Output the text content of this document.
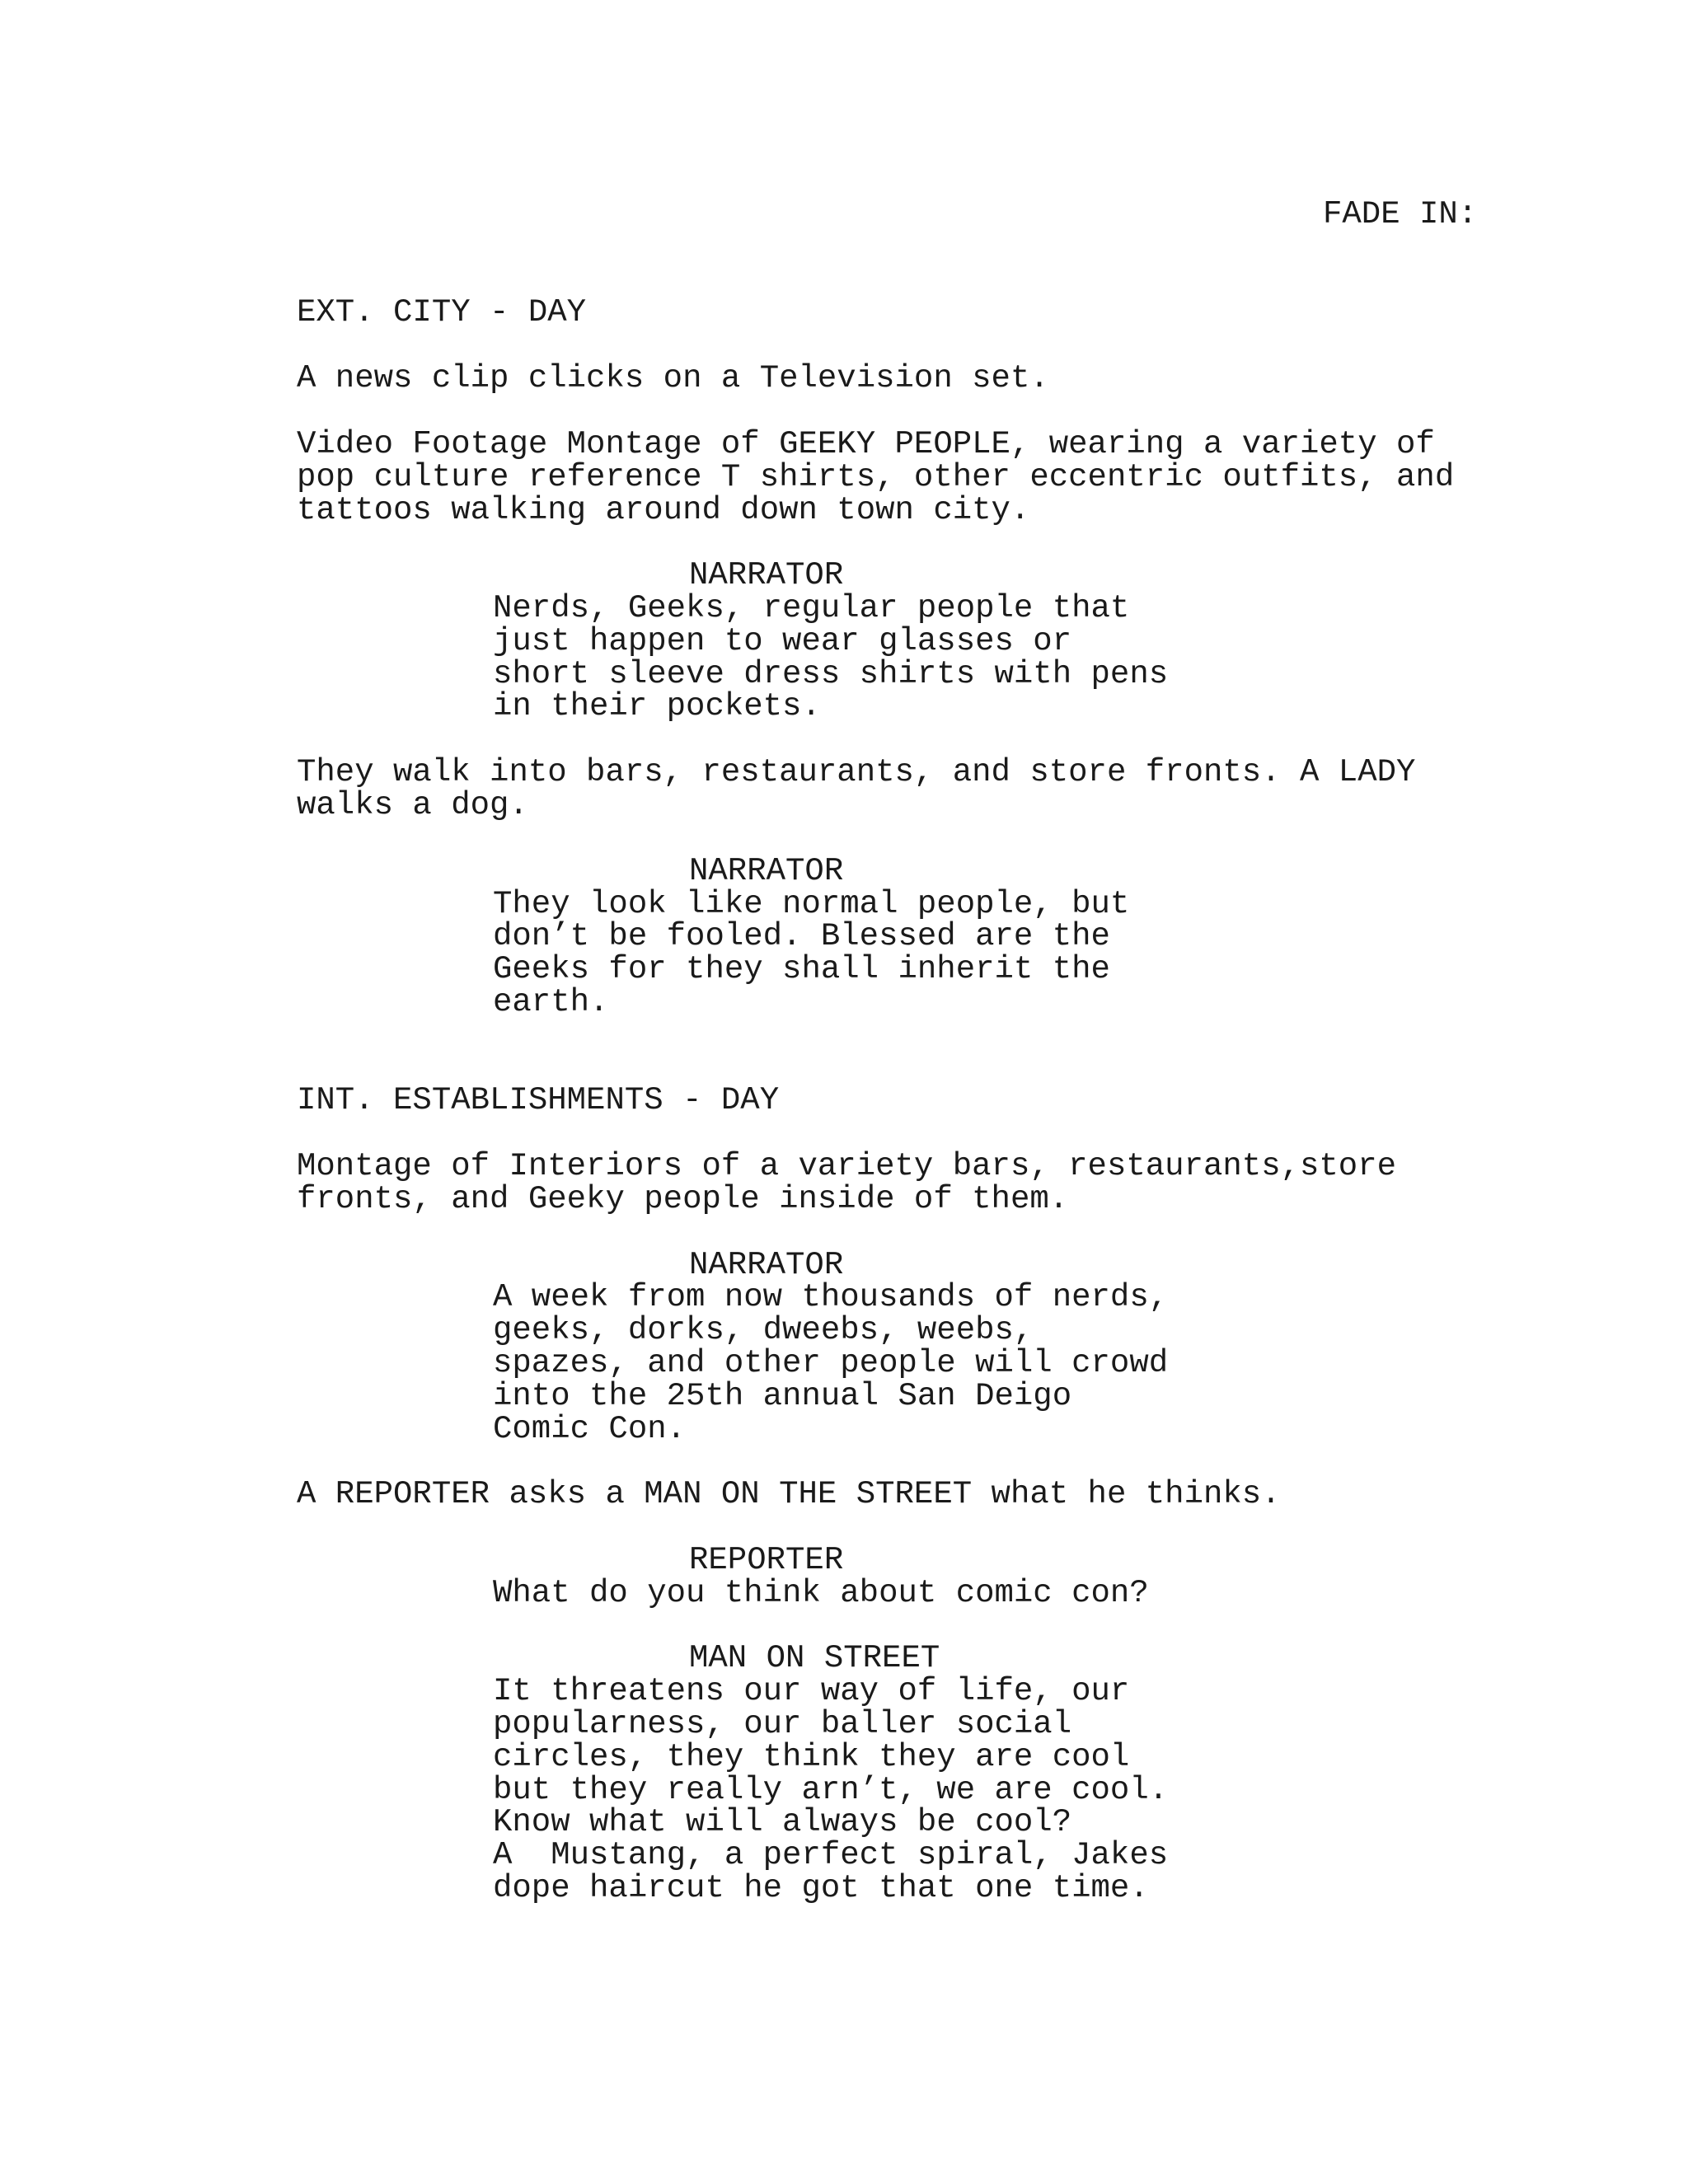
FADE IN:

EXT. CITY - DAY

A news clip clicks on a Television set.

Video Footage Montage of GEEKY PEOPLE, wearing a variety of

pop culture reference T shirts, other eccentric outfits, and

tattoos walking around down town city.

NARRATOR

Nerds, Geeks, regular people that

just happen to wear glasses or

short sleeve dress shirts with pens

in their pockets.

They walk into bars, restaurants, and store fronts. A LADY

walks a dog.

NARRATOR

They look like normal people, but

don’t be fooled. Blessed are the

Geeks for they shall inherit the

earth.

INT. ESTABLISHMENTS - DAY

Montage of Interiors of a variety bars, restaurants,store

fronts, and Geeky people inside of them.

NARRATOR

A week from now thousands of nerds,

geeks, dorks, dweebs, weebs,

spazes, and other people will crowd

into the 25th annual San Deigo

Comic Con.

A REPORTER asks a MAN ON THE STREET what he thinks.

REPORTER

What do you think about comic con?

MAN ON STREET

It threatens our way of life, our

popularness, our baller social

circles, they think they are cool

but they really arn’t, we are cool.

Know what will always be cool?

A  Mustang, a perfect spiral, Jakes

dope haircut he got that one time.
